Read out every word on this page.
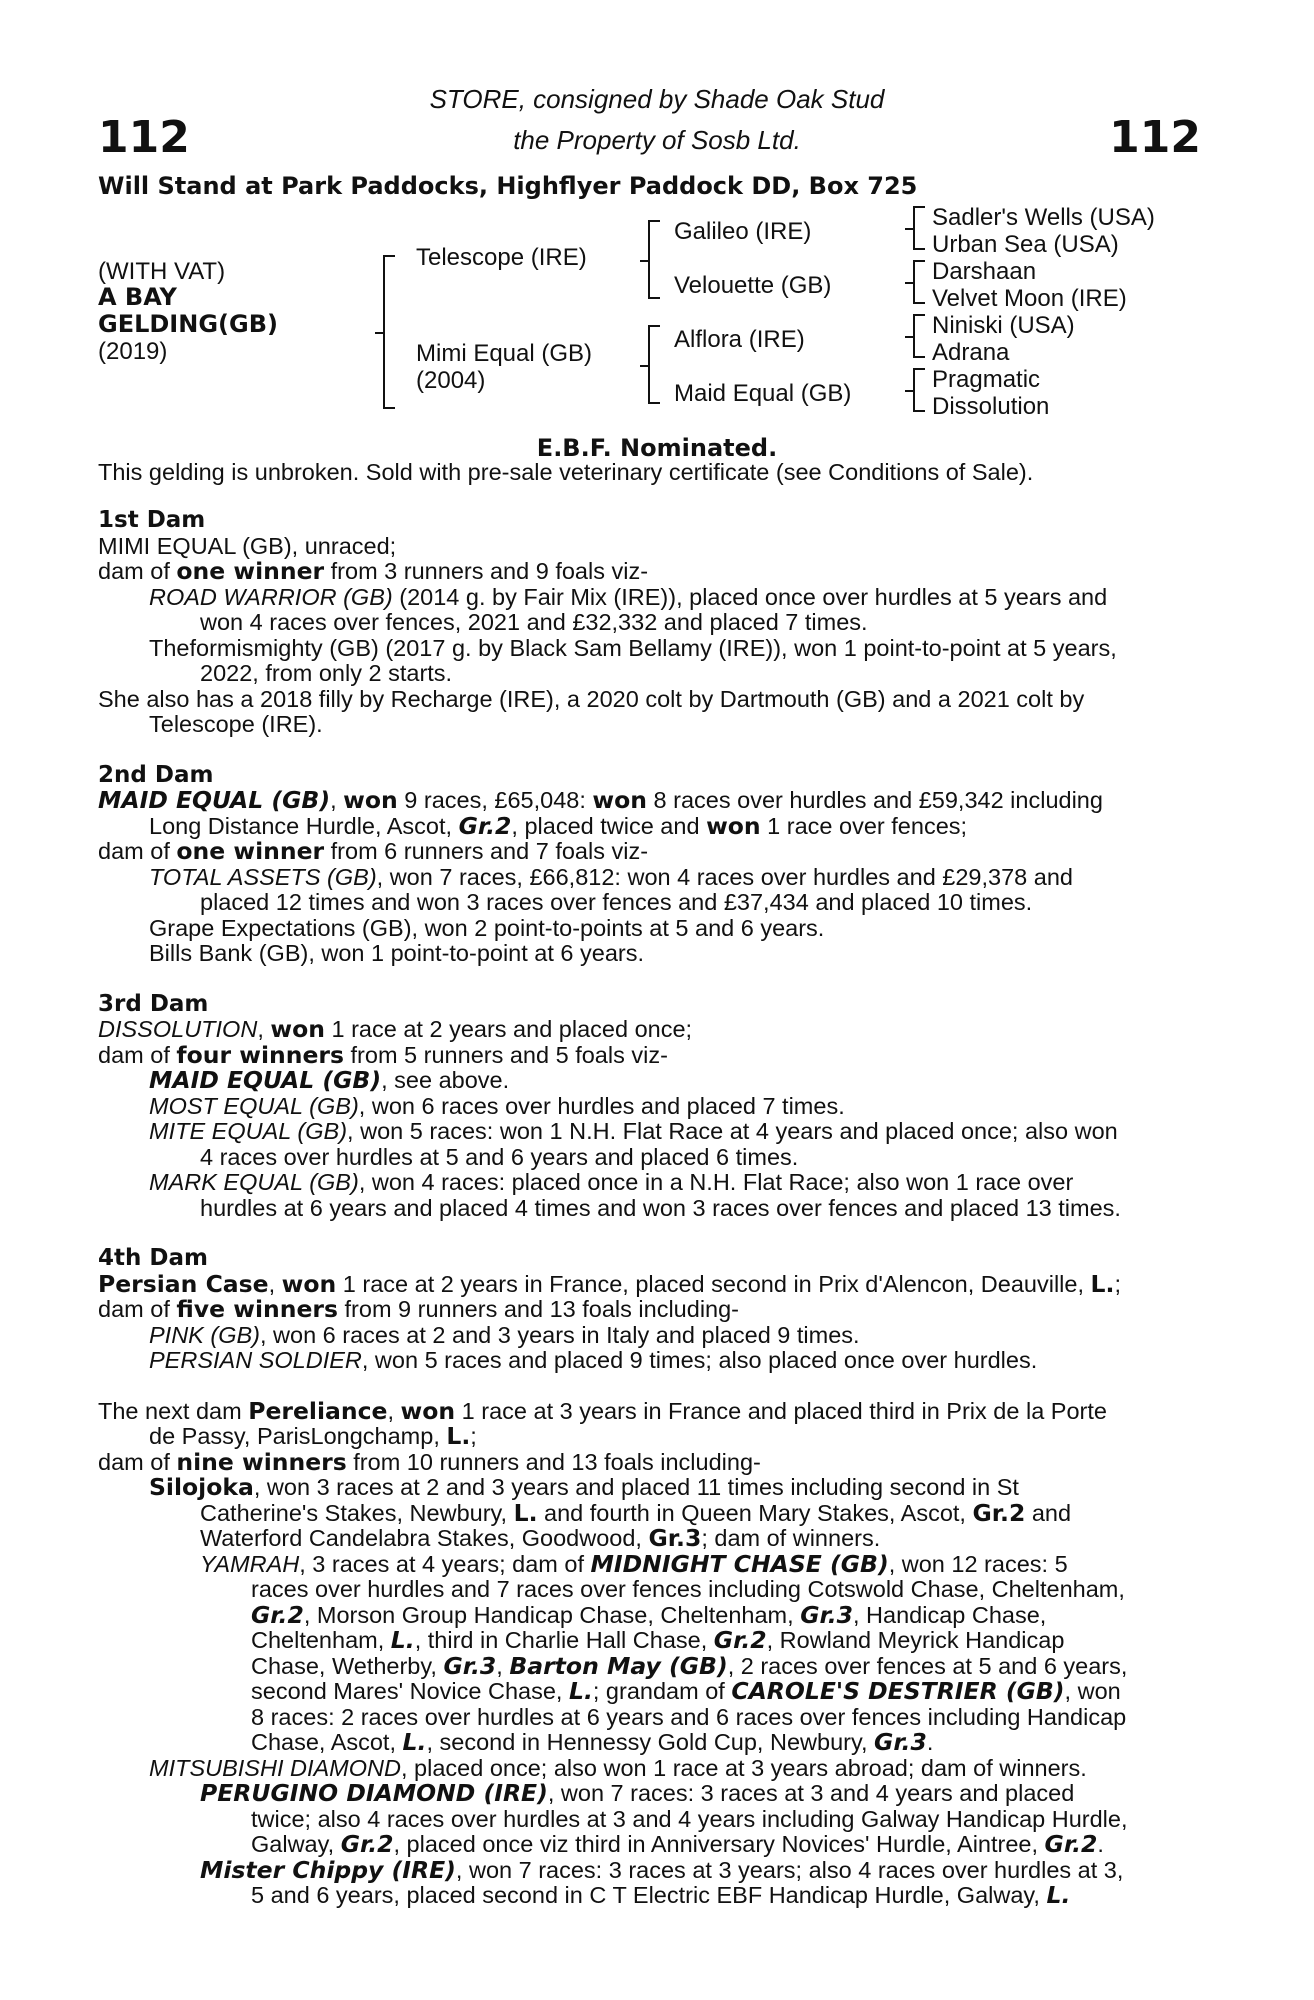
112	112
STORE, consigned by Shade Oak Stud
the Property of Sosb Ltd.
Will Stand at Park Paddocks, Highflyer Paddock DD, Box 725
(WITH VAT)
A BAY
GELDING(GB)
(2019)
Telescope (IRE)
Mimi Equal (GB)
(2004)
Galileo (IRE)
Velouette (GB)
Alflora (IRE)
Maid Equal (GB)
Sadler's Wells (USA)
Urban Sea (USA)
Darshaan
Velvet Moon (IRE)
Niniski (USA)
Adrana
Pragmatic
Dissolution
E.B.F. Nominated.
This gelding is unbroken. Sold with pre-sale veterinary certificate (see Conditions of Sale).

1st Dam

MIMI EQUAL (GB), unraced;

dam of one winner from 3 runners and 9 foals viz-

ROAD WARRIOR (GB) (2014 g. by Fair Mix (IRE)), placed once over hurdles at 5 years and

won 4 races over fences, 2021 and £32,332 and placed 7 times.

Theformismighty (GB) (2017 g. by Black Sam Bellamy (IRE)), won 1 point-to-point at 5 years,

2022, from only 2 starts.

She also has a 2018 filly by Recharge (IRE), a 2020 colt by Dartmouth (GB) and a 2021 colt by

Telescope (IRE).

2nd Dam

MAID EQUAL (GB), won 9 races, £65,048: won 8 races over hurdles and £59,342 including

Long Distance Hurdle, Ascot, Gr.2, placed twice and won 1 race over fences;

dam of one winner from 6 runners and 7 foals viz-

TOTAL ASSETS (GB), won 7 races, £66,812: won 4 races over hurdles and £29,378 and

placed 12 times and won 3 races over fences and £37,434 and placed 10 times.

Grape Expectations (GB), won 2 point-to-points at 5 and 6 years.

Bills Bank (GB), won 1 point-to-point at 6 years.

3rd Dam

DISSOLUTION, won 1 race at 2 years and placed once;

dam of four winners from 5 runners and 5 foals viz-

MAID EQUAL (GB), see above.

MOST EQUAL (GB), won 6 races over hurdles and placed 7 times.

MITE EQUAL (GB), won 5 races: won 1 N.H. Flat Race at 4 years and placed once; also won

4 races over hurdles at 5 and 6 years and placed 6 times.

MARK EQUAL (GB), won 4 races: placed once in a N.H. Flat Race; also won 1 race over

hurdles at 6 years and placed 4 times and won 3 races over fences and placed 13 times.

4th Dam

Persian Case, won 1 race at 2 years in France, placed second in Prix d'Alencon, Deauville, L.;

dam of five winners from 9 runners and 13 foals including-

PINK (GB), won 6 races at 2 and 3 years in Italy and placed 9 times.

PERSIAN SOLDIER, won 5 races and placed 9 times; also placed once over hurdles.

The next dam Pereliance, won 1 race at 3 years in France and placed third in Prix de la Porte

de Passy, ParisLongchamp, L.;

dam of nine winners from 10 runners and 13 foals including-

Silojoka, won 3 races at 2 and 3 years and placed 11 times including second in St

Catherine's Stakes, Newbury, L. and fourth in Queen Mary Stakes, Ascot, Gr.2 and

Waterford Candelabra Stakes, Goodwood, Gr.3; dam of winners.

YAMRAH, 3 races at 4 years; dam of MIDNIGHT CHASE (GB), won 12 races: 5

races over hurdles and 7 races over fences including Cotswold Chase, Cheltenham,

Gr.2, Morson Group Handicap Chase, Cheltenham, Gr.3, Handicap Chase,

Cheltenham, L., third in Charlie Hall Chase, Gr.2, Rowland Meyrick Handicap

Chase, Wetherby, Gr.3, Barton May (GB), 2 races over fences at 5 and 6 years,

second Mares' Novice Chase, L.; grandam of CAROLE'S DESTRIER (GB), won

8 races: 2 races over hurdles at 6 years and 6 races over fences including Handicap

Chase, Ascot, L., second in Hennessy Gold Cup, Newbury, Gr.3.

MITSUBISHI DIAMOND, placed once; also won 1 race at 3 years abroad; dam of winners.

PERUGINO DIAMOND (IRE), won 7 races: 3 races at 3 and 4 years and placed

twice; also 4 races over hurdles at 3 and 4 years including Galway Handicap Hurdle,

Galway, Gr.2, placed once viz third in Anniversary Novices' Hurdle, Aintree, Gr.2.

Mister Chippy (IRE), won 7 races: 3 races at 3 years; also 4 races over hurdles at 3,

5 and 6 years, placed second in C T Electric EBF Handicap Hurdle, Galway, L.
